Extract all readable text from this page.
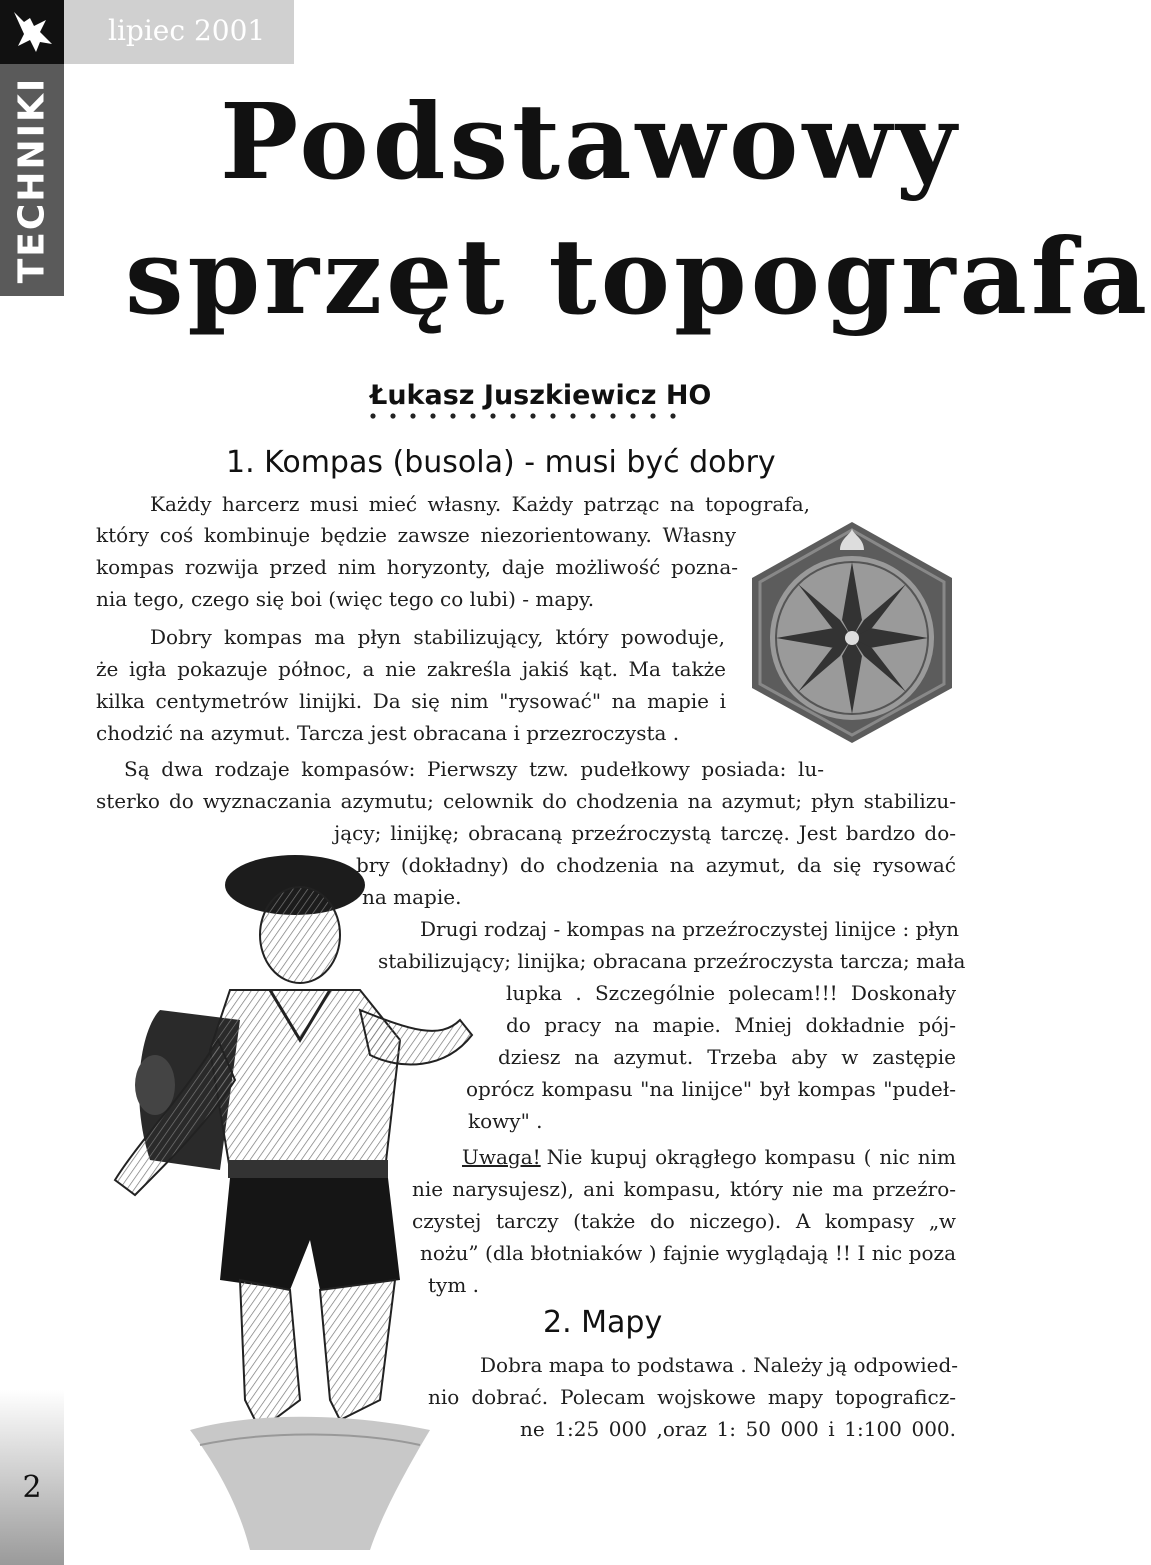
TECHNIKI
2
lipiec 2001
Podstawowy
sprzęt topografa
Łukasz Juszkiewicz HO
1. Kompas (busola) - musi być dobry
Każdy harcerz musi mieć własny. Każdy patrząc na topografa,
który coś kombinuje będzie zawsze niezorientowany. Własny
kompas rozwija przed nim horyzonty, daje możliwość pozna-
nia tego, czego się boi (więc tego co lubi) - mapy.
Dobry kompas ma płyn stabilizujący, który powoduje,
że igła pokazuje północ, a nie zakreśla jakiś kąt. Ma także
kilka centymetrów linijki. Da się nim "rysować" na mapie i
chodzić na azymut. Tarcza jest obracana i przezroczysta .
Są dwa rodzaje kompasów: Pierwszy tzw. pudełkowy posiada: lu-
sterko do wyznaczania azymutu; celownik do chodzenia na azymut; płyn stabilizu-
jący; linijkę; obracaną przeźroczystą tarczę. Jest bardzo do-
bry (dokładny) do chodzenia na azymut, da się rysować
na mapie.
Drugi rodzaj - kompas na przeźroczystej linijce : płyn
stabilizujący; linijka; obracana przeźroczysta tarcza; mała
lupka . Szczególnie polecam!!! Doskonały
do pracy na mapie. Mniej dokładnie pój-
dziesz na azymut. Trzeba aby w zastępie
oprócz kompasu "na linijce" był kompas "pudeł-
kowy" .
Uwaga! Nie kupuj okrągłego kompasu ( nic nim
nie narysujesz), ani kompasu, który nie ma przeźro-
czystej tarczy (także do niczego). A kompasy „w
nożu” (dla błotniaków ) fajnie wyglądają !! I nic poza
tym .
2. Mapy
Dobra mapa to podstawa . Należy ją odpowied-
nio dobrać. Polecam wojskowe mapy topograficz-
ne 1:25 000 ,oraz 1: 50 000 i 1:100 000.
